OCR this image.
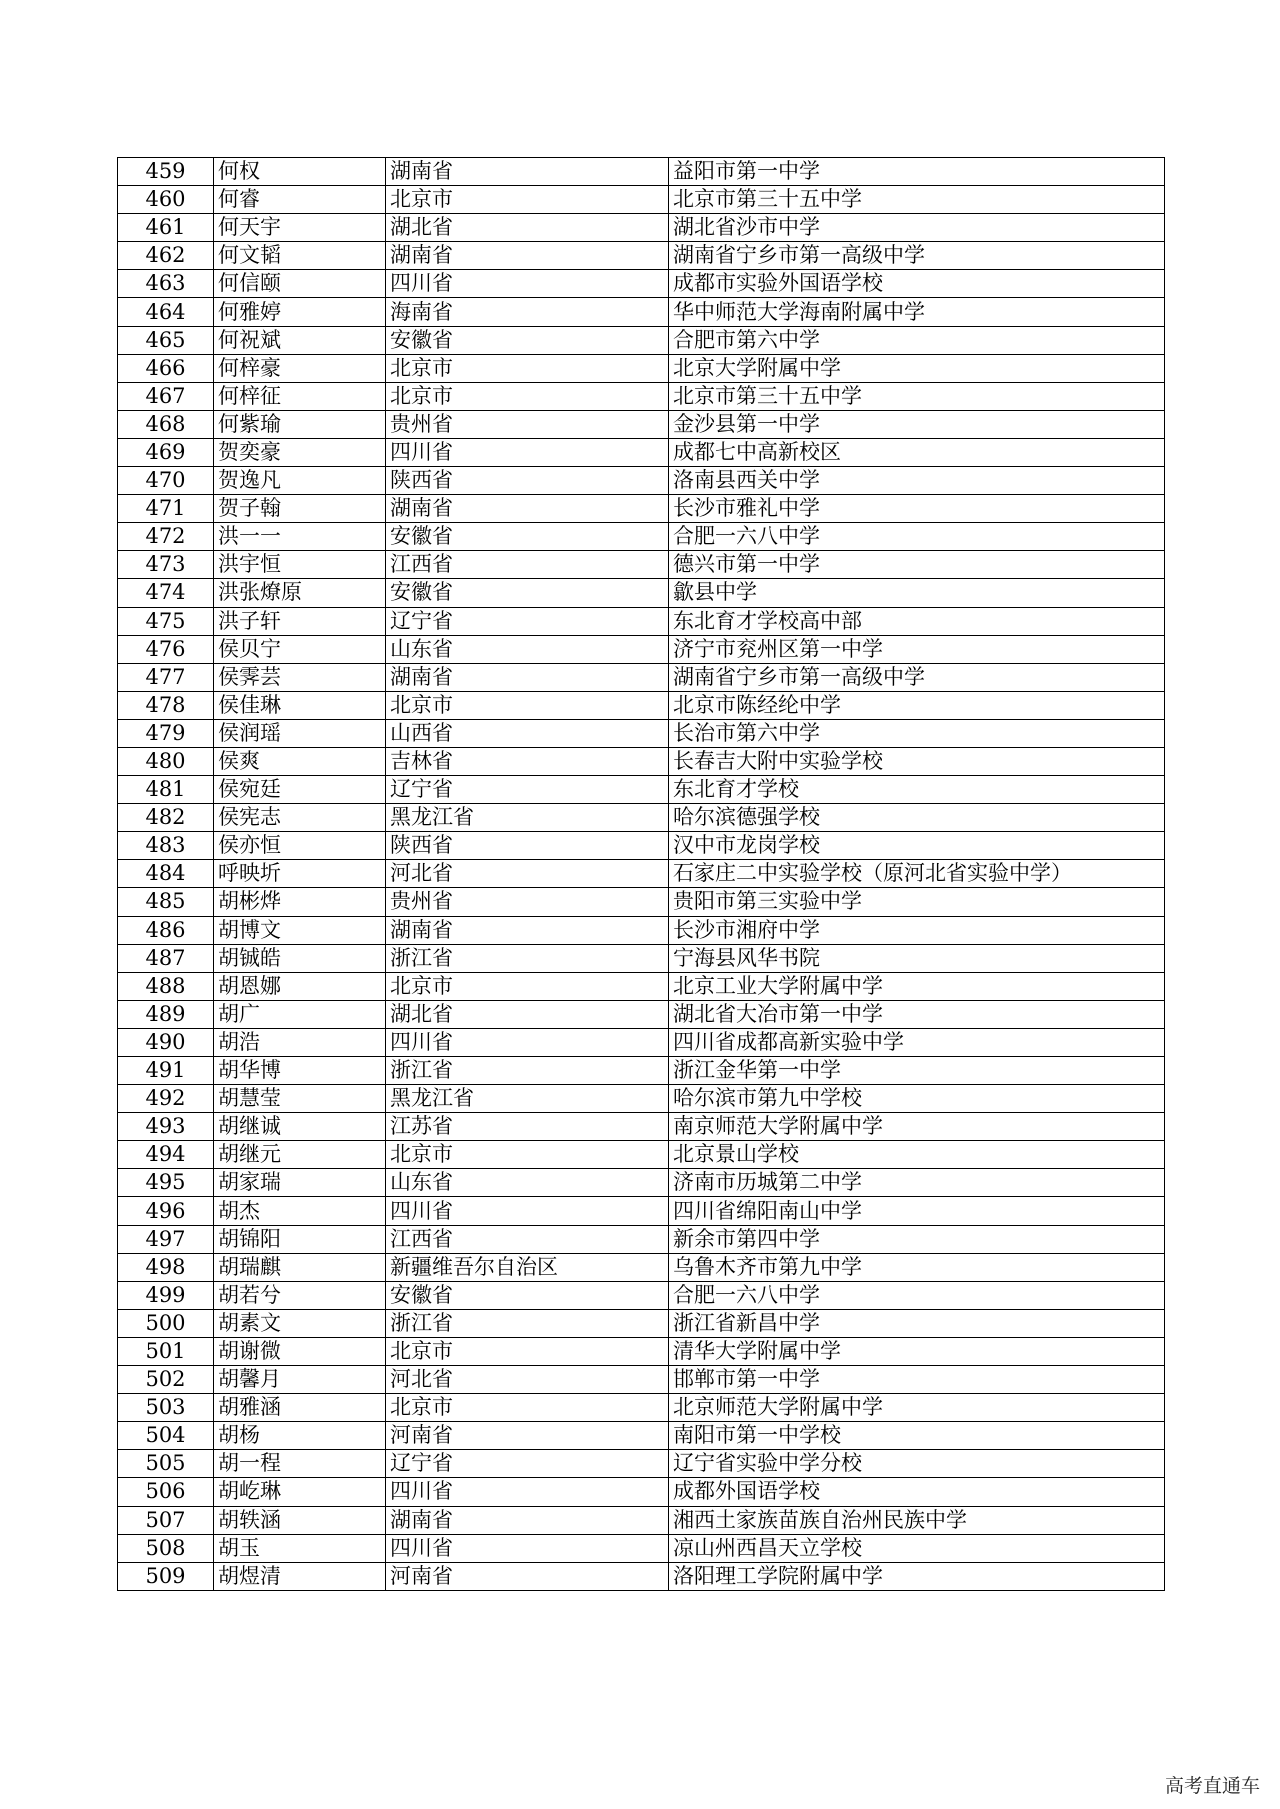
459	何权	湖南省	益阳市第一中学
460	何睿	北京市	北京市第三十五中学
461	何天宇	湖北省	湖北省沙市中学
462	何文韬	湖南省	湖南省宁乡市第一高级中学
463	何信颐	四川省	成都市实验外国语学校
464	何雅婷	海南省	华中师范大学海南附属中学
465	何祝斌	安徽省	合肥市第六中学
466	何梓豪	北京市	北京大学附属中学
467	何梓征	北京市	北京市第三十五中学
468	何紫瑜	贵州省	金沙县第一中学
469	贺奕豪	四川省	成都七中高新校区
470	贺逸凡	陕西省	洛南县西关中学
471	贺子翰	湖南省	长沙市雅礼中学
472	洪一一	安徽省	合肥一六八中学
473	洪宇恒	江西省	德兴市第一中学
474	洪张燎原	安徽省	歙县中学
475	洪子轩	辽宁省	东北育才学校高中部
476	侯贝宁	山东省	济宁市兖州区第一中学
477	侯霁芸	湖南省	湖南省宁乡市第一高级中学
478	侯佳琳	北京市	北京市陈经纶中学
479	侯润瑶	山西省	长治市第六中学
480	侯爽	吉林省	长春吉大附中实验学校
481	侯宛廷	辽宁省	东北育才学校
482	侯宪志	黑龙江省	哈尔滨德强学校
483	侯亦恒	陕西省	汉中市龙岗学校
484	呼映圻	河北省	石家庄二中实验学校（原河北省实验中学）
485	胡彬烨	贵州省	贵阳市第三实验中学
486	胡博文	湖南省	长沙市湘府中学
487	胡铖皓	浙江省	宁海县风华书院
488	胡恩娜	北京市	北京工业大学附属中学
489	胡广	湖北省	湖北省大冶市第一中学
490	胡浩	四川省	四川省成都高新实验中学
491	胡华博	浙江省	浙江金华第一中学
492	胡慧莹	黑龙江省	哈尔滨市第九中学校
493	胡继诚	江苏省	南京师范大学附属中学
494	胡继元	北京市	北京景山学校
495	胡家瑞	山东省	济南市历城第二中学
496	胡杰	四川省	四川省绵阳南山中学
497	胡锦阳	江西省	新余市第四中学
498	胡瑞麒	新疆维吾尔自治区	乌鲁木齐市第九中学
499	胡若兮	安徽省	合肥一六八中学
500	胡素文	浙江省	浙江省新昌中学
501	胡谢微	北京市	清华大学附属中学
502	胡馨月	河北省	邯郸市第一中学
503	胡雅涵	北京市	北京师范大学附属中学
504	胡杨	河南省	南阳市第一中学校
505	胡一程	辽宁省	辽宁省实验中学分校
506	胡屹琳	四川省	成都外国语学校
507	胡轶涵	湖南省	湘西土家族苗族自治州民族中学
508	胡玉	四川省	凉山州西昌天立学校
509	胡煜清	河南省	洛阳理工学院附属中学
高考直通车
